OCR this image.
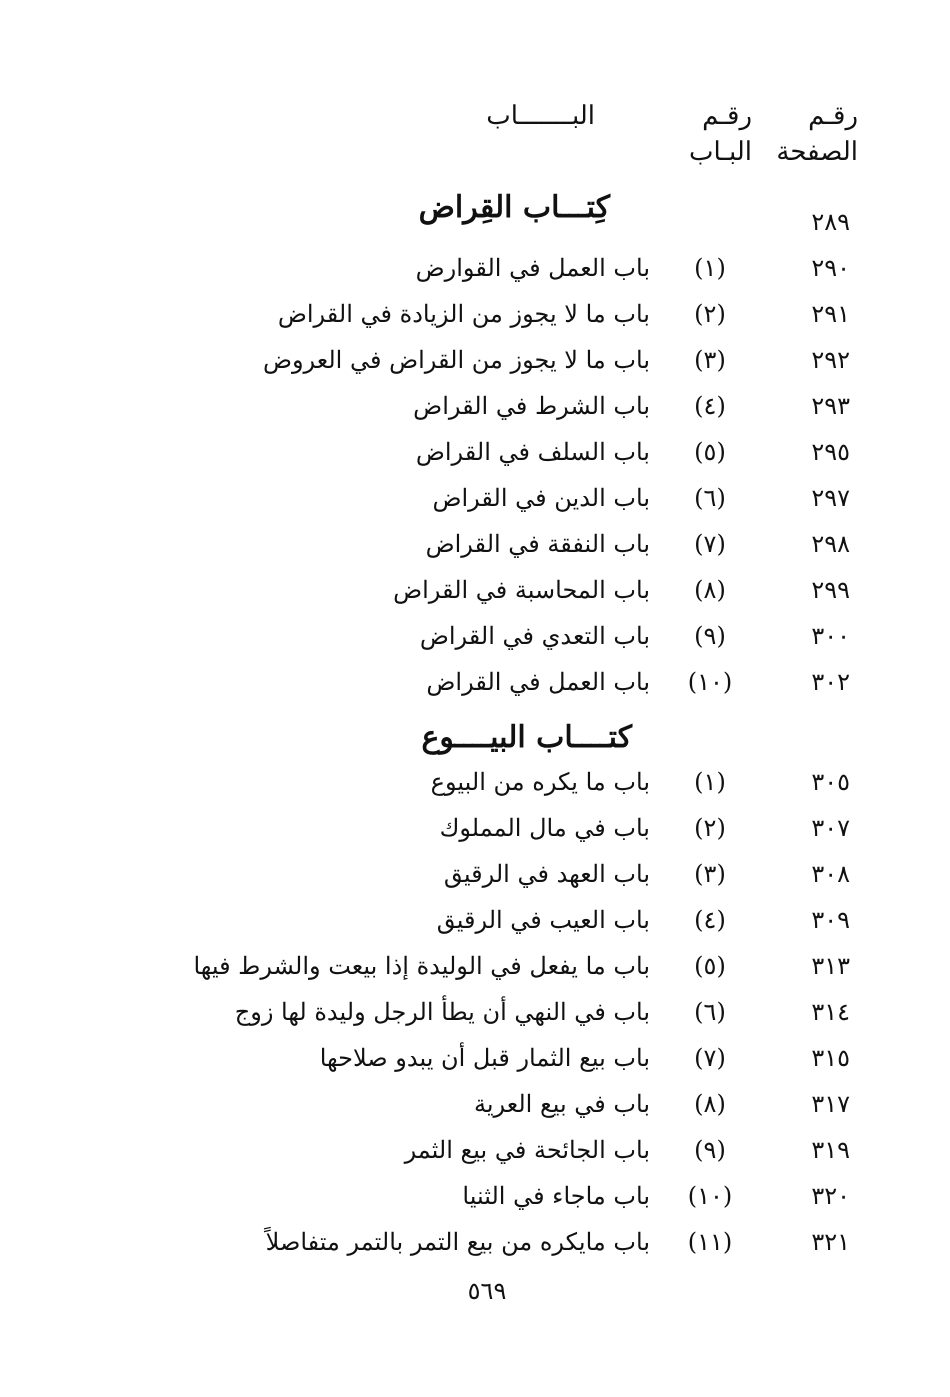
رقـم
الصفحة
رقـم
البـاب
البـــــــاب
٢٨٩
كِتـــاب القِراض
٢٩٠
(١)
باب العمل في القوارض
٢٩١
(٢)
باب ما لا يجوز من الزيادة في القراض
٢٩٢
(٣)
باب ما لا يجوز من القراض في العروض
٢٩٣
(٤)
باب الشرط في القراض
٢٩٥
(٥)
باب السلف في القراض
٢٩٧
(٦)
باب الدين في القراض
٢٩٨
(٧)
باب النفقة في القراض
٢٩٩
(٨)
باب المحاسبة في القراض
٣٠٠
(٩)
باب التعدي في القراض
٣٠٢
(١٠)
باب العمل في القراض
كتــــاب البيــــوع
٣٠٥
(١)
باب ما يكره من البيوع
٣٠٧
(٢)
باب في مال المملوك
٣٠٨
(٣)
باب العهد في الرقيق
٣٠٩
(٤)
باب العيب في الرقيق
٣١٣
(٥)
باب ما يفعل في الوليدة إذا بيعت والشرط فيها
٣١٤
(٦)
باب في النهي أن يطأ الرجل وليدة لها زوج
٣١٥
(٧)
باب بيع الثمار قبل أن يبدو صلاحها
٣١٧
(٨)
باب في بيع العرية
٣١٩
(٩)
باب الجائحة في بيع الثمر
٣٢٠
(١٠)
باب ماجاء في الثنيا
٣٢١
(١١)
باب مايكره من بيع التمر بالتمر متفاصلاً
٥٦٩
